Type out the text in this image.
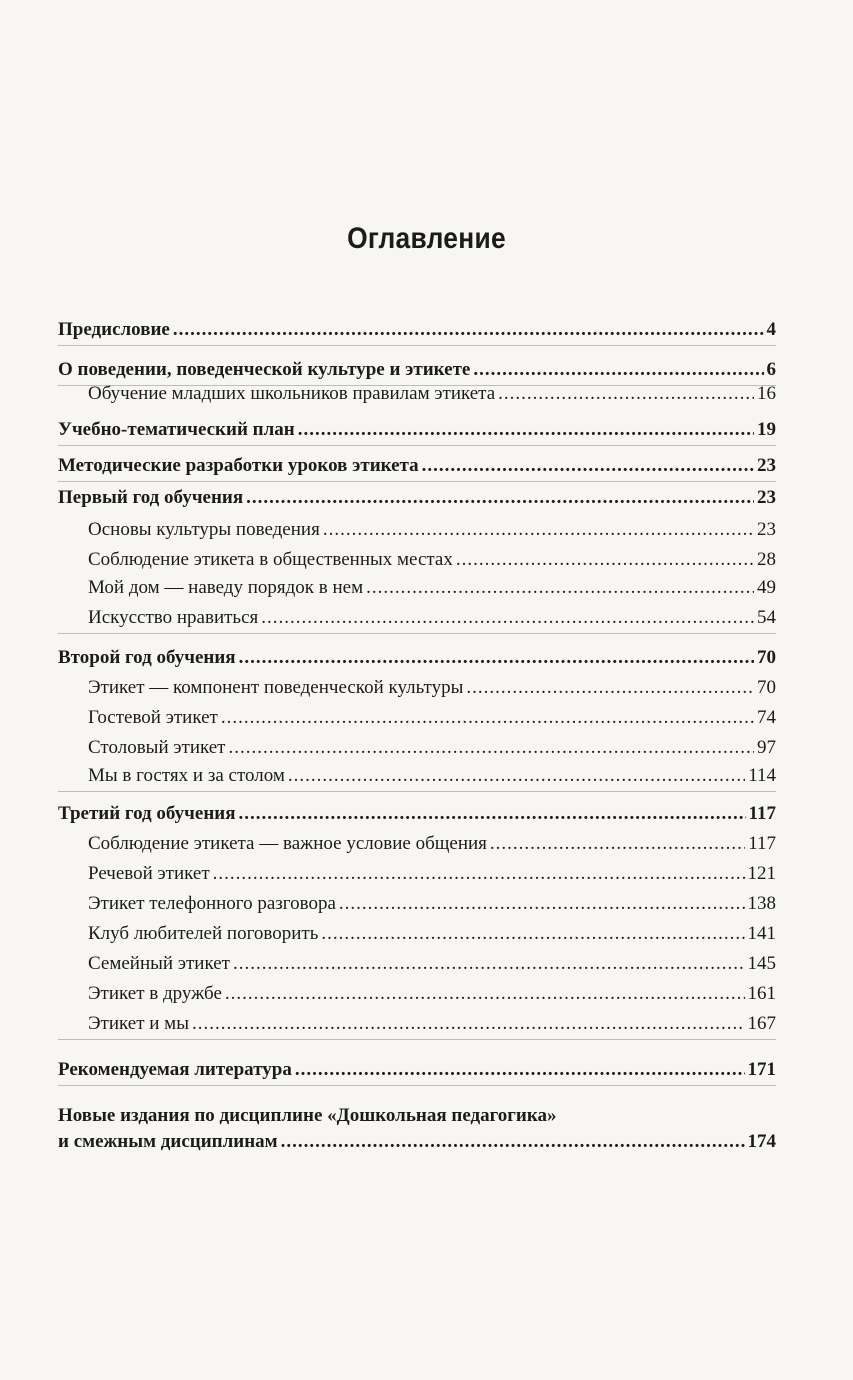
Оглавление
Предисловие .....	4
О поведении, поведенческой культуре и этикете .....	6
Обучение младших школьников правилам этикета .....	16
Учебно-тематический план .....	19
Методические разработки уроков этикета .....	23
Первый год обучения .....	23
Основы культуры поведения .....	23
Соблюдение этикета в общественных местах .....	28
Мой дом — наведу порядок в нем .....	49
Искусство нравиться .....	54
Второй год обучения .....	70
Этикет — компонент поведенческой культуры .....	70
Гостевой этикет .....	74
Столовый этикет .....	97
Мы в гостях и за столом .....	114
Третий год обучения .....	117
Соблюдение этикета — важное условие общения .....	117
Речевой этикет .....	121
Этикет телефонного разговора .....	138
Клуб любителей поговорить .....	141
Семейный этикет .....	145
Этикет в дружбе .....	161
Этикет и мы .....	167
Рекомендуемая литература .....	171
Новые издания по дисциплине «Дошкольная педагогика»
и смежным дисциплинам .....	174
